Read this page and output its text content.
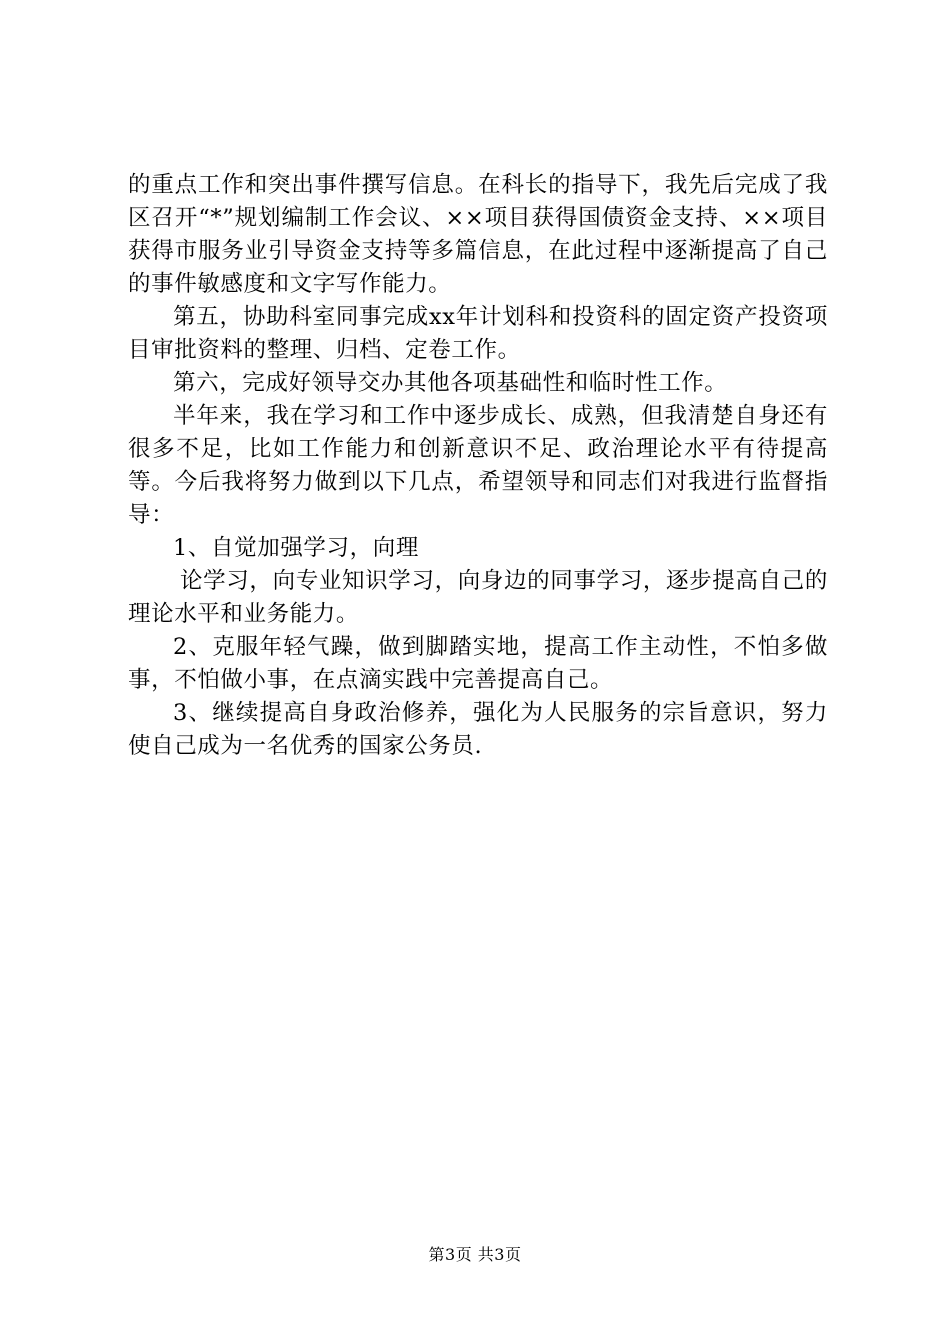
的重点工作和突出事件撰写信息。在科长的指导下，我先后完成了我区召开“*”规划编制工作会议、××项目获得国债资金支持、××项目获得市服务业引导资金支持等多篇信息，在此过程中逐渐提高了自己的事件敏感度和文字写作能力。

第五，协助科室同事完成xx年计划科和投资科的固定资产投资项目审批资料的整理、归档、定卷工作。

第六，完成好领导交办其他各项基础性和临时性工作。

半年来，我在学习和工作中逐步成长、成熟，但我清楚自身还有很多不足，比如工作能力和创新意识不足、政治理论水平有待提高等。今后我将努力做到以下几点，希望领导和同志们对我进行监督指导：

1、自觉加强学习，向理

论学习，向专业知识学习，向身边的同事学习，逐步提高自己的理论水平和业务能力。

2、克服年轻气躁，做到脚踏实地，提高工作主动性，不怕多做事，不怕做小事，在点滴实践中完善提高自己。

3、继续提高自身政治修养，强化为人民服务的宗旨意识，努力使自己成为一名优秀的国家公务员.

第3页 共3页
